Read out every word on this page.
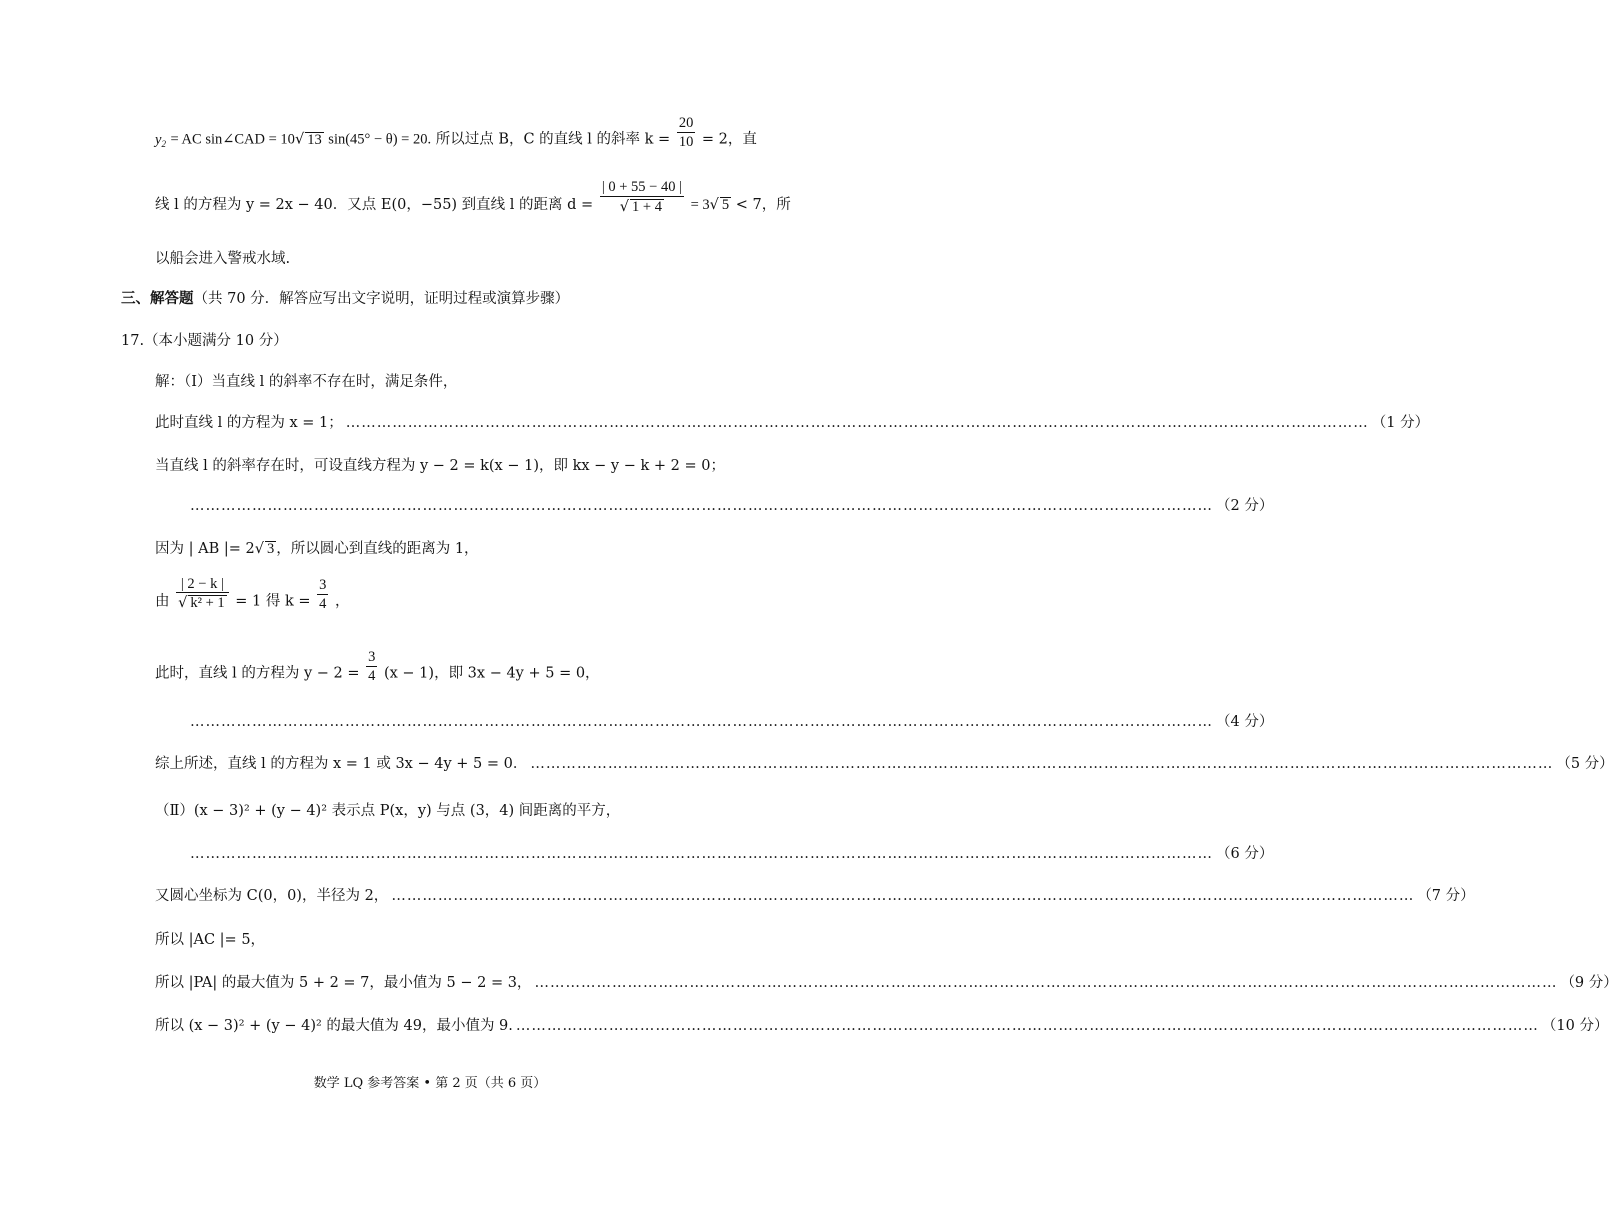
$y_2$ = AC sin∠CAD = 10√ 13 sin(45° − θ) = 20. 所以过点 B，C 的直线 l 的斜率 $k = \frac{20}{10} = 2$，直
线 l 的方程为 y = 2x − 40．又点 E(0，−55) 到直线 l 的距离 $d = \frac{| 0 + 55 - 40 |}{√ 1 + 4} = 3√$ 5 < 7，所
以船会进入警戒水域.
三、解答题（共 70 分．解答应写出文字说明，证明过程或演算步骤）
17.（本小题满分 10 分）
解：（Ⅰ）当直线 l 的斜率不存在时，满足条件，
此时直线 l 的方程为 x = 1； ……………………………………………………………………………………………………………………………………………………………………………… （1 分）
当直线 l 的斜率存在时，可设直线方程为 y − 2 = k(x − 1)，即 kx − y − k + 2 = 0；
……………………………………………………………………………………………………………………………………………………………………………… （2 分）
因为 | AB |= 2√ 3 ，所以圆心到直线的距离为 1，
由 $\frac{| 2 - k |}{\text{√ k² + 1}} = 1$ 得 $k = \frac{3}{4}$ ，
此时，直线 l 的方程为 $y - 2 = \frac{3}{4} (x - 1)$，即 3x − 4y + 5 = 0，
……………………………………………………………………………………………………………………………………………………………………………… （4 分）
综上所述，直线 l 的方程为 x = 1 或 3x − 4y + 5 = 0． ……………………………………………………………………………………………………………………………………………………………………………… （5 分）
（Ⅱ）(x − 3)² + (y − 4)² 表示点 P(x，y) 与点 (3，4) 间距离的平方，
……………………………………………………………………………………………………………………………………………………………………………… （6 分）
又圆心坐标为 C(0，0)，半径为 2， ……………………………………………………………………………………………………………………………………………………………………………… （7 分）
所以 |AC |= 5，
所以 |PA| 的最大值为 5 + 2 = 7，最小值为 5 − 2 = 3， ……………………………………………………………………………………………………………………………………………………………………………… （9 分）
所以 (x − 3)² + (y − 4)² 的最大值为 49，最小值为 9. ……………………………………………………………………………………………………………………………………………………………………………… （10 分）
数学 LQ 参考答案 • 第 2 页（共 6 页）
